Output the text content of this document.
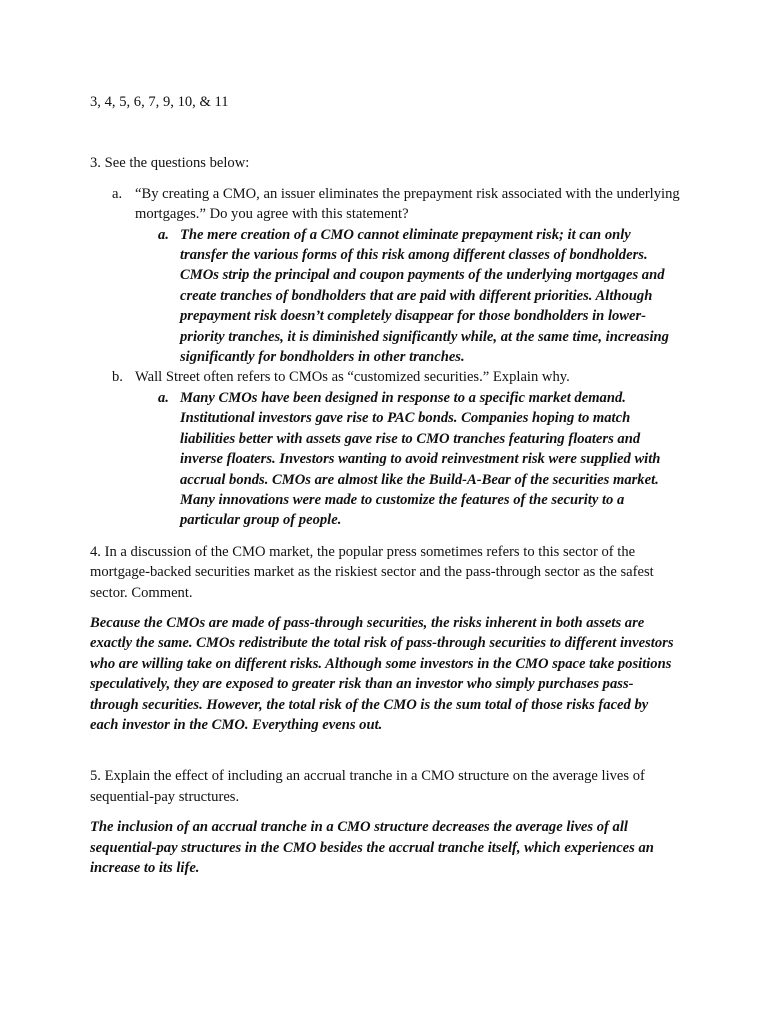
3, 4, 5, 6, 7, 9, 10, & 11

3. See the questions below:

a. “By creating a CMO, an issuer eliminates the prepayment risk associated with the underlying mortgages.” Do you agree with this statement?
a. The mere creation of a CMO cannot eliminate prepayment risk; it can only transfer the various forms of this risk among different classes of bondholders. CMOs strip the principal and coupon payments of the underlying mortgages and create tranches of bondholders that are paid with different priorities. Although prepayment risk doesn’t completely disappear for those bondholders in lower-priority tranches, it is diminished significantly while, at the same time, increasing significantly for bondholders in other tranches.
b. Wall Street often refers to CMOs as “customized securities.” Explain why.
a. Many CMOs have been designed in response to a specific market demand. Institutional investors gave rise to PAC bonds. Companies hoping to match liabilities better with assets gave rise to CMO tranches featuring floaters and inverse floaters. Investors wanting to avoid reinvestment risk were supplied with accrual bonds. CMOs are almost like the Build-A-Bear of the securities market. Many innovations were made to customize the features of the security to a particular group of people.

4. In a discussion of the CMO market, the popular press sometimes refers to this sector of the mortgage-backed securities market as the riskiest sector and the pass-through sector as the safest sector. Comment.

Because the CMOs are made of pass-through securities, the risks inherent in both assets are exactly the same. CMOs redistribute the total risk of pass-through securities to different investors who are willing take on different risks. Although some investors in the CMO space take positions speculatively, they are exposed to greater risk than an investor who simply purchases pass-through securities. However, the total risk of the CMO is the sum total of those risks faced by each investor in the CMO. Everything evens out.

5. Explain the effect of including an accrual tranche in a CMO structure on the average lives of sequential-pay structures.

The inclusion of an accrual tranche in a CMO structure decreases the average lives of all sequential-pay structures in the CMO besides the accrual tranche itself, which experiences an increase to its life.
